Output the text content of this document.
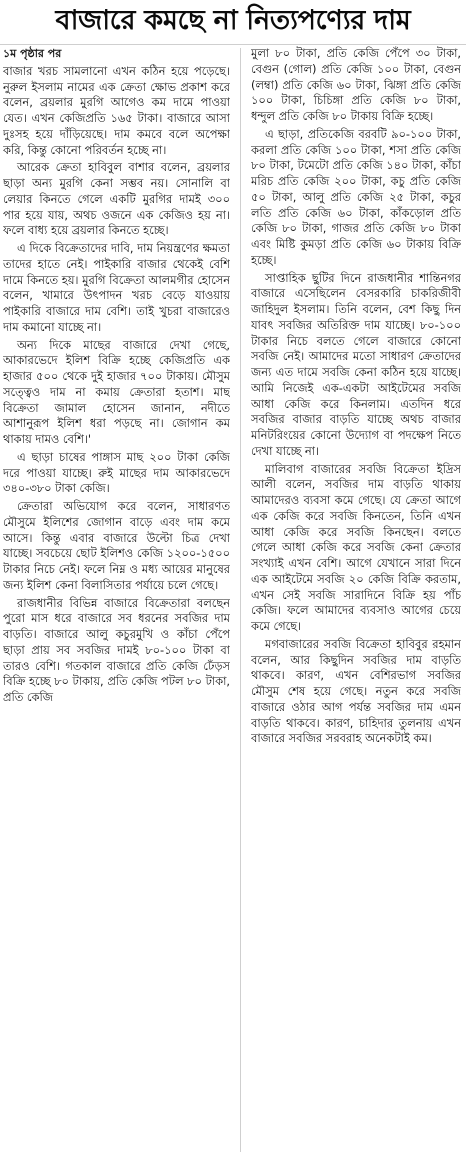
বাজারে কমছে না নিত্যপণ্যের দাম

১ম পৃষ্ঠার পর

বাজার খরচ সামলানো এখন কঠিন হয়ে পড়েছে। নুরুল ইসলাম নামের এক ক্রেতা ক্ষোভ প্রকাশ করে বলেন, ব্রয়লার মুরগি আগেও কম দামে পাওয়া যেত। এখন কেজিপ্রতি ১৬৫ টাকা। বাজারে আসা দুঃসহ হয়ে দাঁড়িয়েছে। দাম কমবে বলে অপেক্ষা করি, কিন্তু কোনো পরিবর্তন হচ্ছে না।

আরেক ক্রেতা হাবিবুল বাশার বলেন, ব্রয়লার ছাড়া অন্য মুরগি কেনা সম্ভব নয়। সোনালি বা লেয়ার কিনতে গেলে একটি মুরগির দামই ৩০০ পার হয়ে যায়, অথচ ওজনে এক কেজিও হয় না। ফলে বাধ্য হয়ে ব্রয়লার কিনতে হচ্ছে।

এ দিকে বিক্রেতাদের দাবি, দাম নিয়ন্ত্রণের ক্ষমতা তাদের হাতে নেই। পাইকারি বাজার থেকেই বেশি দামে কিনতে হয়। মুরগি বিক্রেতা আলমগীর হোসেন বলেন, খামারে উৎপাদন খরচ বেড়ে যাওয়ায় পাইকারি বাজারে দাম বেশি। তাই খুচরা বাজারেও দাম কমানো যাচ্ছে না।

অন্য দিকে মাছের বাজারে দেখা গেছে, আকারভেদে ইলিশ বিক্রি হচ্ছে কেজিপ্রতি এক হাজার ৫০০ থেকে দুই হাজার ৭০০ টাকায়। মৌসুম সত্ত্বেও দাম না কমায় ক্রেতারা হতাশ। মাছ বিক্রেতা জামাল হোসেন জানান, নদীতে আশানুরূপ ইলিশ ধরা পড়ছে না। জোগান কম থাকায় দামও বেশি।'

এ ছাড়া চাষের পাঙ্গাস মাছ ২০০ টাকা কেজি দরে পাওয়া যাচ্ছে। রুই মাছের দাম আকারভেদে ৩৪০-৩৮০ টাকা কেজি।

ক্রেতারা অভিযোগ করে বলেন, সাধারণত মৌসুমে ইলিশের জোগান বাড়ে এবং দাম কমে আসে। কিন্তু এবার বাজারে উল্টো চিত্র দেখা যাচ্ছে। সবচেয়ে ছোট ইলিশও কেজি ১২০০-১৫০০ টাকার নিচে নেই। ফলে নিম্ন ও মধ্য আয়ের মানুষের জন্য ইলিশ কেনা বিলাসিতার পর্যায়ে চলে গেছে।

রাজধানীর বিভিন্ন বাজারে বিক্রেতারা বলছেন পুরো মাস ধরে বাজারে সব ধরনের সবজির দাম বাড়তি। বাজারে আলু কচুরমুখি ও কাঁচা পেঁপে ছাড়া প্রায় সব সবজির দামই ৮০-১০০ টাকা বা তারও বেশি। গতকাল বাজারে প্রতি কেজি ঢেঁড়স বিক্রি হচ্ছে ৮০ টাকায়, প্রতি কেজি পটল ৮০ টাকা, প্রতি কেজি

মুলা ৮০ টাকা, প্রতি কেজি পেঁপে ৩০ টাকা, বেগুন (গোল) প্রতি কেজি ১০০ টাকা, বেগুন (লম্বা) প্রতি কেজি ৬০ টাকা, ঝিঙ্গা প্রতি কেজি ১০০ টাকা, চিচিঙ্গা প্রতি কেজি ৮০ টাকা, ধন্দুল প্রতি কেজি ৮০ টাকায় বিক্রি হচ্ছে।

এ ছাড়া, প্রতিকেজি বরবটি ৯০-১০০ টাকা, করলা প্রতি কেজি ১০০ টাকা, শসা প্রতি কেজি ৮০ টাকা, টমেটো প্রতি কেজি ১৪০ টাকা, কাঁচা মরিচ প্রতি কেজি ২০০ টাকা, কচু প্রতি কেজি ৫০ টাকা, আলু প্রতি কেজি ২৫ টাকা, কচুর লতি প্রতি কেজি ৬০ টাকা, কাঁকড়োল প্রতি কেজি ৮০ টাকা, গাজর প্রতি কেজি ৮০ টাকা এবং মিষ্টি কুমড়া প্রতি কেজি ৬০ টাকায় বিক্রি হচ্ছে।

সাপ্তাহিক ছুটির দিনে রাজধানীর শান্তিনগর বাজারে এসেছিলেন বেসরকারি চাকরিজীবী জাহিদুল ইসলাম। তিনি বলেন, বেশ কিছু দিন যাবৎ সবজির অতিরিক্ত দাম যাচ্ছে। ৮০-১০০ টাকার নিচে বলতে গেলে বাজারে কোনো সবজি নেই। আমাদের মতো সাধারণ ক্রেতাদের জন্য এত দামে সবজি কেনা কঠিন হয়ে যাচ্ছে। আমি নিজেই এক-একটা আইটেমের সবজি আধা কেজি করে কিনলাম। এতদিন ধরে সবজির বাজার বাড়তি যাচ্ছে অথচ বাজার মনিটরিংয়ের কোনো উদ্যোগ বা পদক্ষেপ নিতে দেখা যাচ্ছে না।

মালিবাগ বাজারের সবজি বিক্রেতা ইদ্রিস আলী বলেন, সবজির দাম বাড়তি থাকায় আমাদেরও ব্যবসা কমে গেছে। যে ক্রেতা আগে এক কেজি করে সবজি কিনতেন, তিনি এখন আধা কেজি করে সবজি কিনছেন। বলতে গেলে আধা কেজি করে সবজি কেনা ক্রেতার সংখ্যাই এখন বেশি। আগে যেখানে সারা দিনে এক আইটেমে সবজি ২০ কেজি বিক্রি করতাম, এখন সেই সবজি সারাদিনে বিক্রি হয় পাঁচ কেজি। ফলে আমাদের ব্যবসাও আগের চেয়ে কমে গেছে।

মগবাজারের সবজি বিক্রেতা হাবিবুর রহমান বলেন, আর কিছুদিন সবজির দাম বাড়তি থাকবে। কারণ, এখন বেশিরভাগ সবজির মৌসুম শেষ হয়ে গেছে। নতুন করে সবজি বাজারে ওঠার আগ পর্যন্ত সবজির দাম এমন বাড়তি থাকবে। কারণ, চাহিদার তুলনায় এখন বাজারে সবজির সরবরাহ অনেকটাই কম।
